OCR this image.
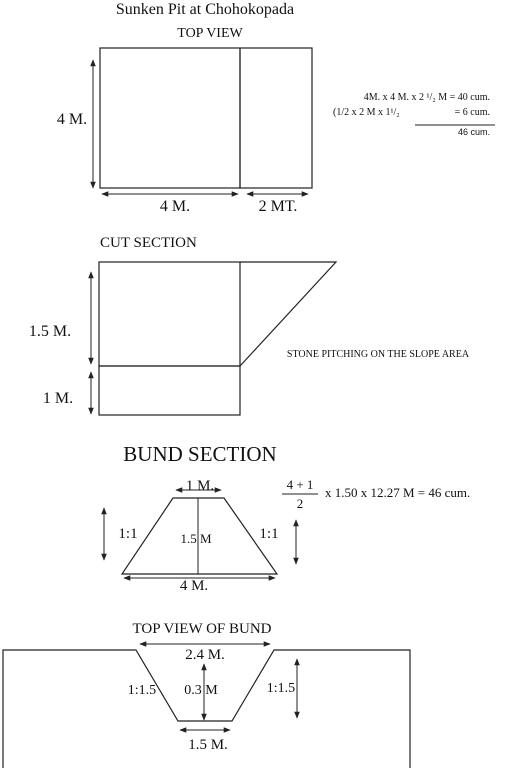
Sunken Pit at Chohokopada
TOP VIEW
4 M.
4 M.	2 MT.
4M. x 4 M. x 2 ¹/₂ M = 40 cum.
(1/2 x 2 M x 1¹/₂	= 6 cum.
46 cum.
CUT SECTION
1.5 M.
1 M.
STONE PITCHING ON THE SLOPE AREA
BUND SECTION
1 M.
1.5 M
1:1	1:1
4 M.
4 + 1
2
x 1.50 x 12.27 M = 46 cum.
TOP VIEW OF BUND
2.4 M.
1:1.5 0.3 M	1:1.5
1.5 M.
